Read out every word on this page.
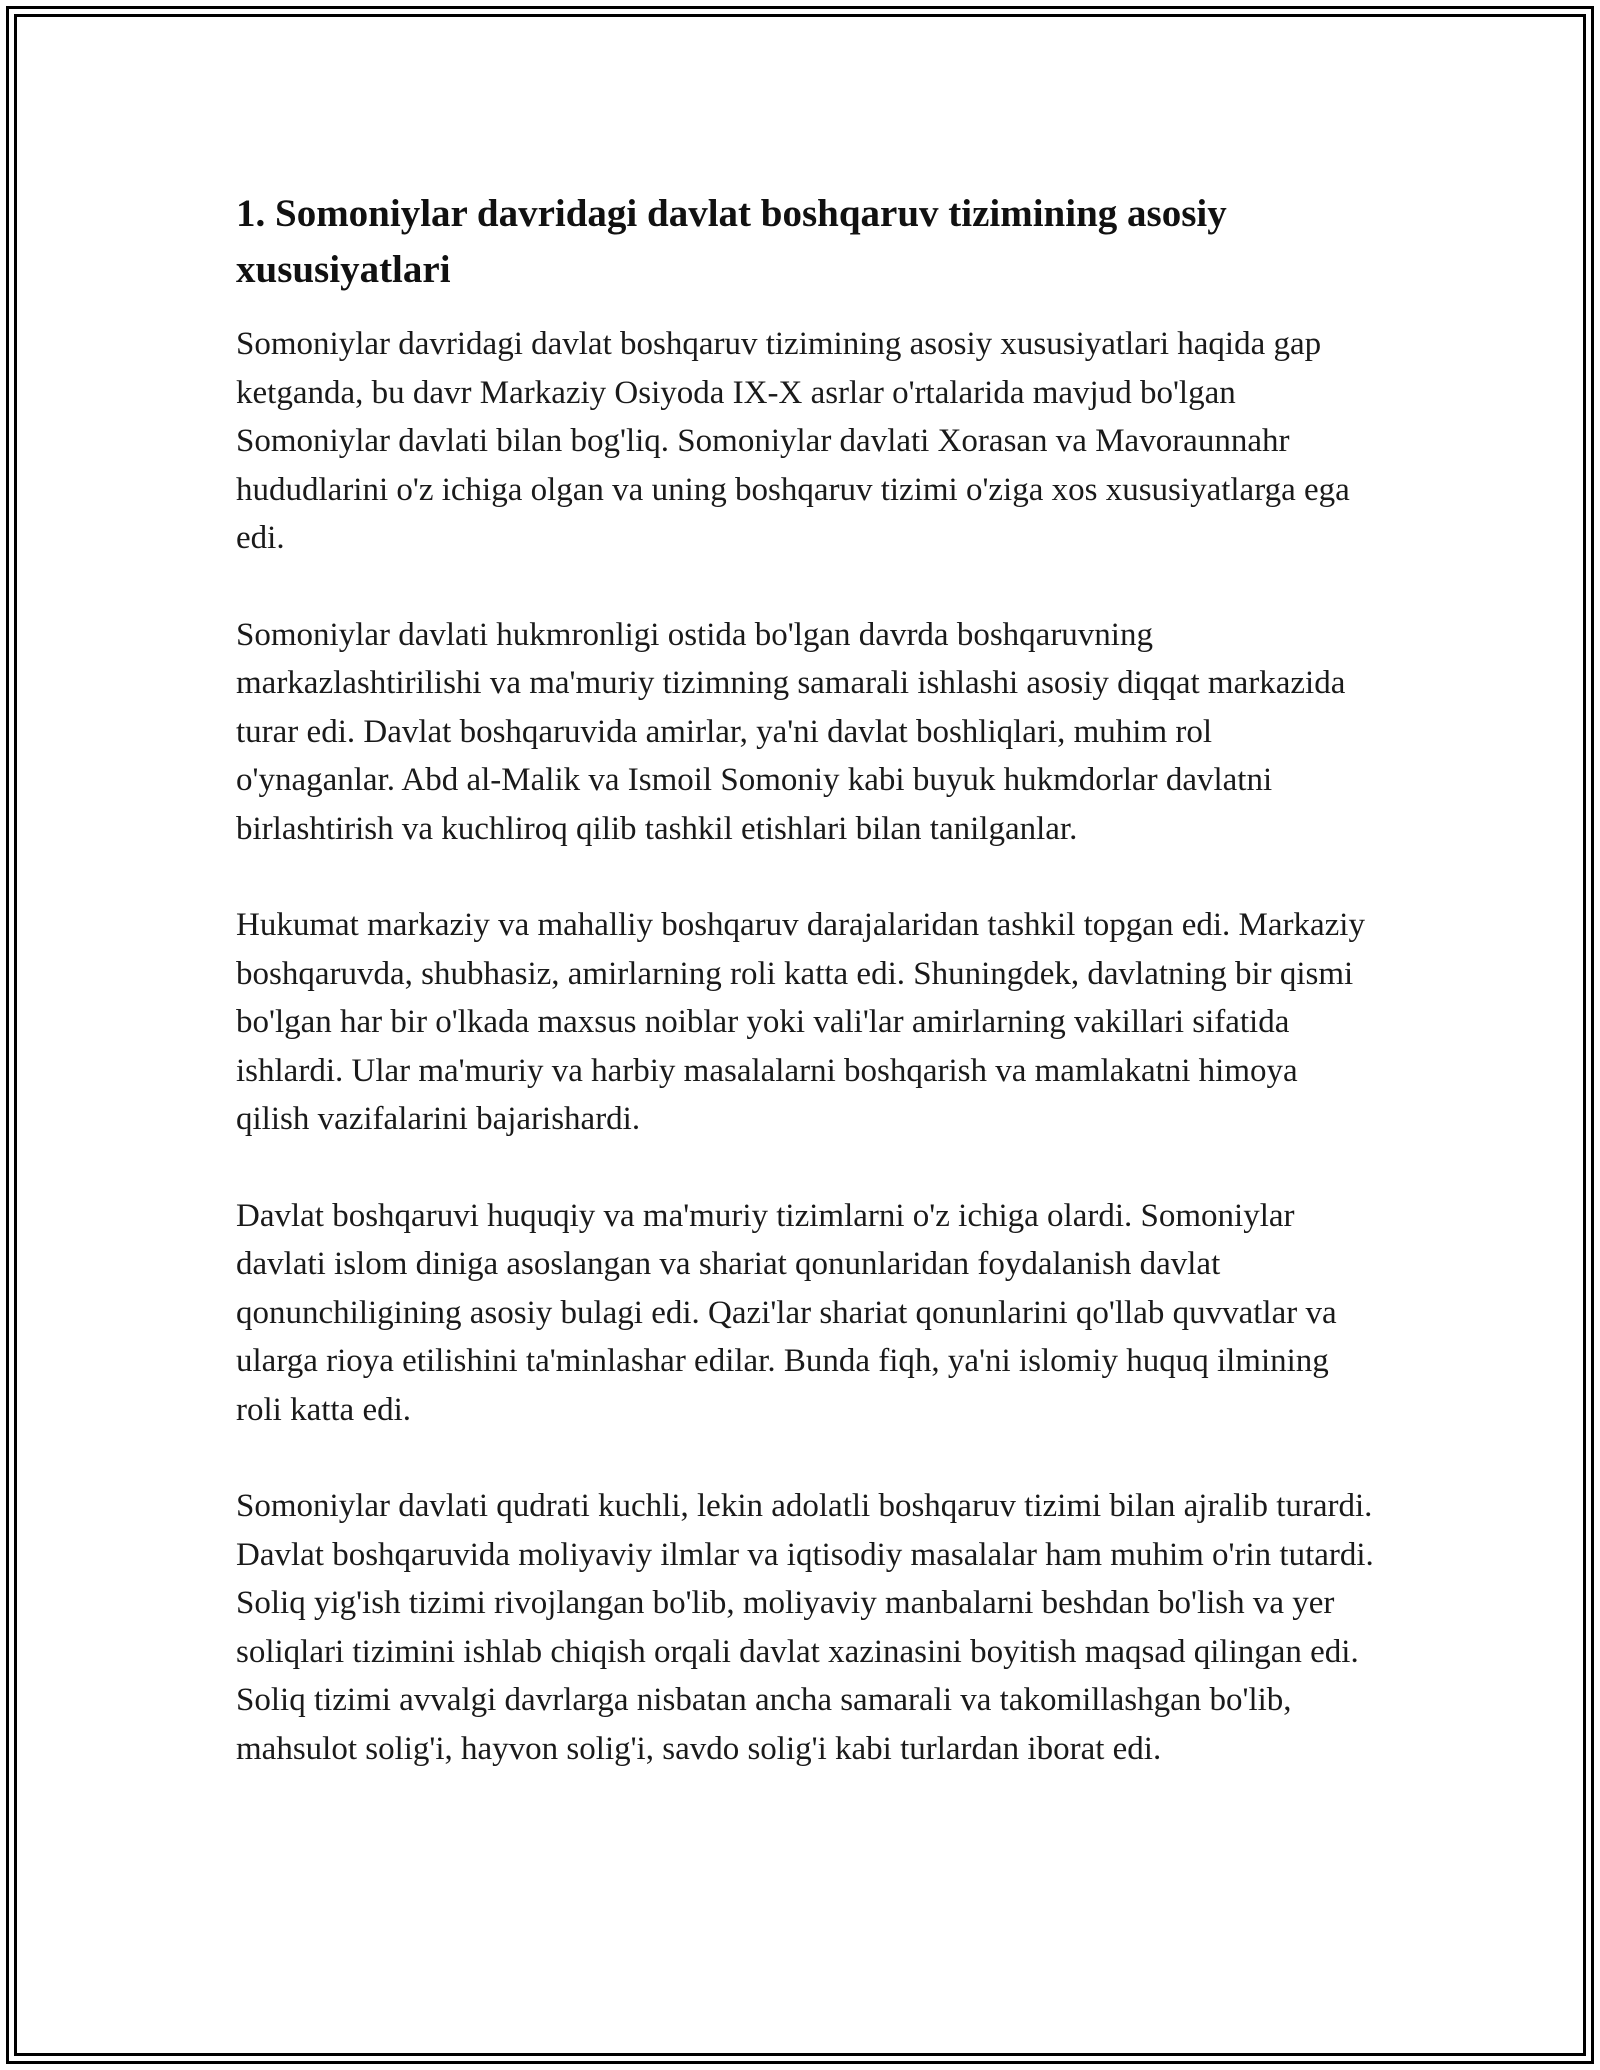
1. Somoniylar davridagi davlat boshqaruv tizimining asosiy xususiyatlari

Somoniylar davridagi davlat boshqaruv tizimining asosiy xususiyatlari haqida gap ketganda, bu davr Markaziy Osiyoda IX-X asrlar o'rtalarida mavjud bo'lgan Somoniylar davlati bilan bog'liq. Somoniylar davlati Xorasan va Mavoraunnahr hududlarini o'z ichiga olgan va uning boshqaruv tizimi o'ziga xos xususiyatlarga ega edi.

Somoniylar davlati hukmronligi ostida bo'lgan davrda boshqaruvning markazlashtirilishi va ma'muriy tizimning samarali ishlashi asosiy diqqat markazida turar edi. Davlat boshqaruvida amirlar, ya'ni davlat boshliqlari, muhim rol o'ynaganlar. Abd al-Malik va Ismoil Somoniy kabi buyuk hukmdorlar davlatni birlashtirish va kuchliroq qilib tashkil etishlari bilan tanilganlar.

Hukumat markaziy va mahalliy boshqaruv darajalaridan tashkil topgan edi. Markaziy boshqaruvda, shubhasiz, amirlarning roli katta edi. Shuningdek, davlatning bir qismi bo'lgan har bir o'lkada maxsus noiblar yoki vali'lar amirlarning vakillari sifatida ishlardi. Ular ma'muriy va harbiy masalalarni boshqarish va mamlakatni himoya qilish vazifalarini bajarishardi.

Davlat boshqaruvi huquqiy va ma'muriy tizimlarni o'z ichiga olardi. Somoniylar davlati islom diniga asoslangan va shariat qonunlaridan foydalanish davlat qonunchiligining asosiy bulagi edi. Qazi'lar shariat qonunlarini qo'llab quvvatlar va ularga rioya etilishini ta'minlashar edilar. Bunda fiqh, ya'ni islomiy huquq ilmining roli katta edi.

Somoniylar davlati qudrati kuchli, lekin adolatli boshqaruv tizimi bilan ajralib turardi. Davlat boshqaruvida moliyaviy ilmlar va iqtisodiy masalalar ham muhim o'rin tutardi. Soliq yig'ish tizimi rivojlangan bo'lib, moliyaviy manbalarni beshdan bo'lish va yer soliqlari tizimini ishlab chiqish orqali davlat xazinasini boyitish maqsad qilingan edi. Soliq tizimi avvalgi davrlarga nisbatan ancha samarali va takomillashgan bo'lib, mahsulot solig'i, hayvon solig'i, savdo solig'i kabi turlardan iborat edi.
